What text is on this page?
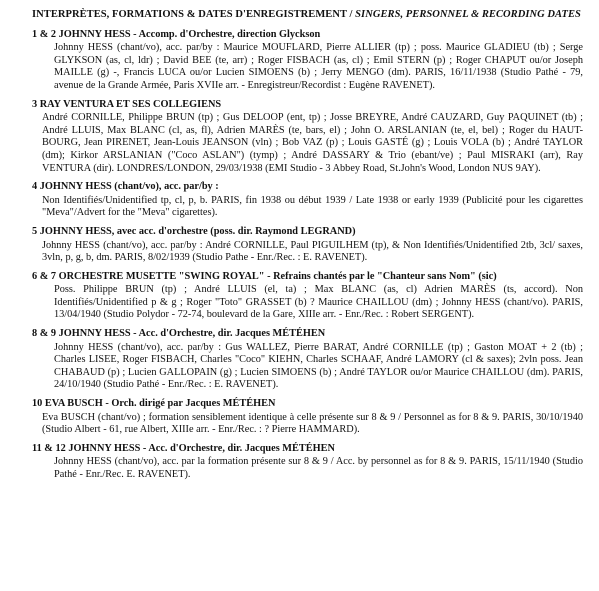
INTERPRÈTES, FORMATIONS & DATES D'ENREGISTREMENT / SINGERS, PERSONNEL & RECORDING DATES
1 & 2 JOHNNY HESS - Accomp. d'Orchestre, direction Glyckson
Johnny HESS (chant/vo), acc. par/by : Maurice MOUFLARD, Pierre ALLIER (tp) ; poss. Maurice GLADIEU (tb) ; Serge GLYKSON (as, cl, ldr) ; David BEE (te, arr) ; Roger FISBACH (as, cl) ; Emil STERN (p) ; Roger CHAPUT ou/or Joseph MAILLE (g) -, Francis LUCA ou/or Lucien SIMOENS (b) ; Jerry MENGO (dm). PARIS, 16/11/1938 (Studio Pathé - 79, avenue de la Grande Armée, Paris XVIIe arr. - Enregistreur/Recordist : Eugène RAVENET).
3 RAY VENTURA ET SES COLLEGIENS
André CORNILLE, Philippe BRUN (tp) ; Gus DELOOP (ent, tp) ; Josse BREYRE, André CAUZARD, Guy PAQUINET (tb) ; André LLUIS, Max BLANC (cl, as, fl), Adrien MARÈS (te, bars, el) ; John O. ARSLANIAN (te, el, bel) ; Roger du HAUT-BOURG, Jean PIRENET, Jean-Louis JEANSON (vln) ; Bob VAZ (p) ; Louis GASTÉ (g) ; Louis VOLA (b) ; André TAYLOR (dm); Kirkor ARSLANIAN ("Coco ASLAN") (tymp) ; André DASSARY & Trio (ebant/ve) ; Paul MISRAKI (arr), Ray VENTURA (dir). LONDRES/LONDON, 29/03/1938 (EMI Studio - 3 Abbey Road, St.John's Wood, London NUS 9AY).
4 JOHNNY HESS (chant/vo), acc. par/by :
Non Identifiés/Unidentified tp, cl, p, b. PARIS, fin 1938 ou début 1939 / Late 1938 or early 1939 (Publicité pour les cigarettes "Meva"/Advert for the "Meva" cigarettes).
5 JOHNNY HESS, avec acc. d'orchestre (poss. dir. Raymond LEGRAND)
Johnny HESS (chant/vo), acc. par/by : André CORNILLE, Paul PIGUILHEM (tp), & Non Identifiés/Unidentified 2tb, 3cl/ saxes, 3vln, p, g, b, dm. PARIS, 8/02/1939 (Studio Pathe - Enr./Rec. : E. RAVENET).
6 & 7 ORCHESTRE MUSETTE "SWING ROYAL" - Refrains chantés par le "Chanteur sans Nom" (sic)
Poss. Philippe BRUN (tp) ; André LLUIS (el, ta) ; Max BLANC (as, cl) Adrien MARÈS (ts, accord). Non Identifiés/Unidentified p & g ; Roger "Toto" GRASSET (b) ? Maurice CHAILLOU (dm) ; Johnny HESS (chant/vo). PARIS, 13/04/1940 (Studio Polydor - 72-74, boulevard de la Gare, XIIIe arr. - Enr./Rec. : Robert SERGENT).
8 & 9 JOHNNY HESS - Acc. d'Orchestre, dir. Jacques MÉTÉHEN
Johnny HESS (chant/vo), acc. par/by : Gus WALLEZ, Pierre BARAT, André CORNILLE (tp) ; Gaston MOAT + 2 (tb) ; Charles LISEE, Roger FISBACH, Charles "Coco" KIEHN, Charles SCHAAF, André LAMORY (cl & saxes); 2vln poss. Jean CHABAUD (p) ; Lucien GALLOPAIN (g) ; Lucien SIMOENS (b) ; André TAYLOR ou/or Maurice CHAILLOU (dm). PARIS, 24/10/1940 (Studio Pathé - Enr./Rec. : E. RAVENET).
10 EVA BUSCH - Orch. dirigé par Jacques MÉTÉHEN
Eva BUSCH (chant/vo) ; formation sensiblement identique à celle présente sur 8 & 9 / Personnel as for 8 & 9. PARIS, 30/10/1940 (Studio Albert - 61, rue Albert, XIIIe arr. - Enr./Rec. : ? Pierre HAMMARD).
11 & 12 JOHNNY HESS - Acc. d'Orchestre, dir. Jacques MÉTÉHEN
Johnny HESS (chant/vo), acc. par la formation présente sur 8 & 9 / Acc. by personnel as for 8 & 9. PARIS, 15/11/1940 (Studio Pathé - Enr./Rec. E. RAVENET).
